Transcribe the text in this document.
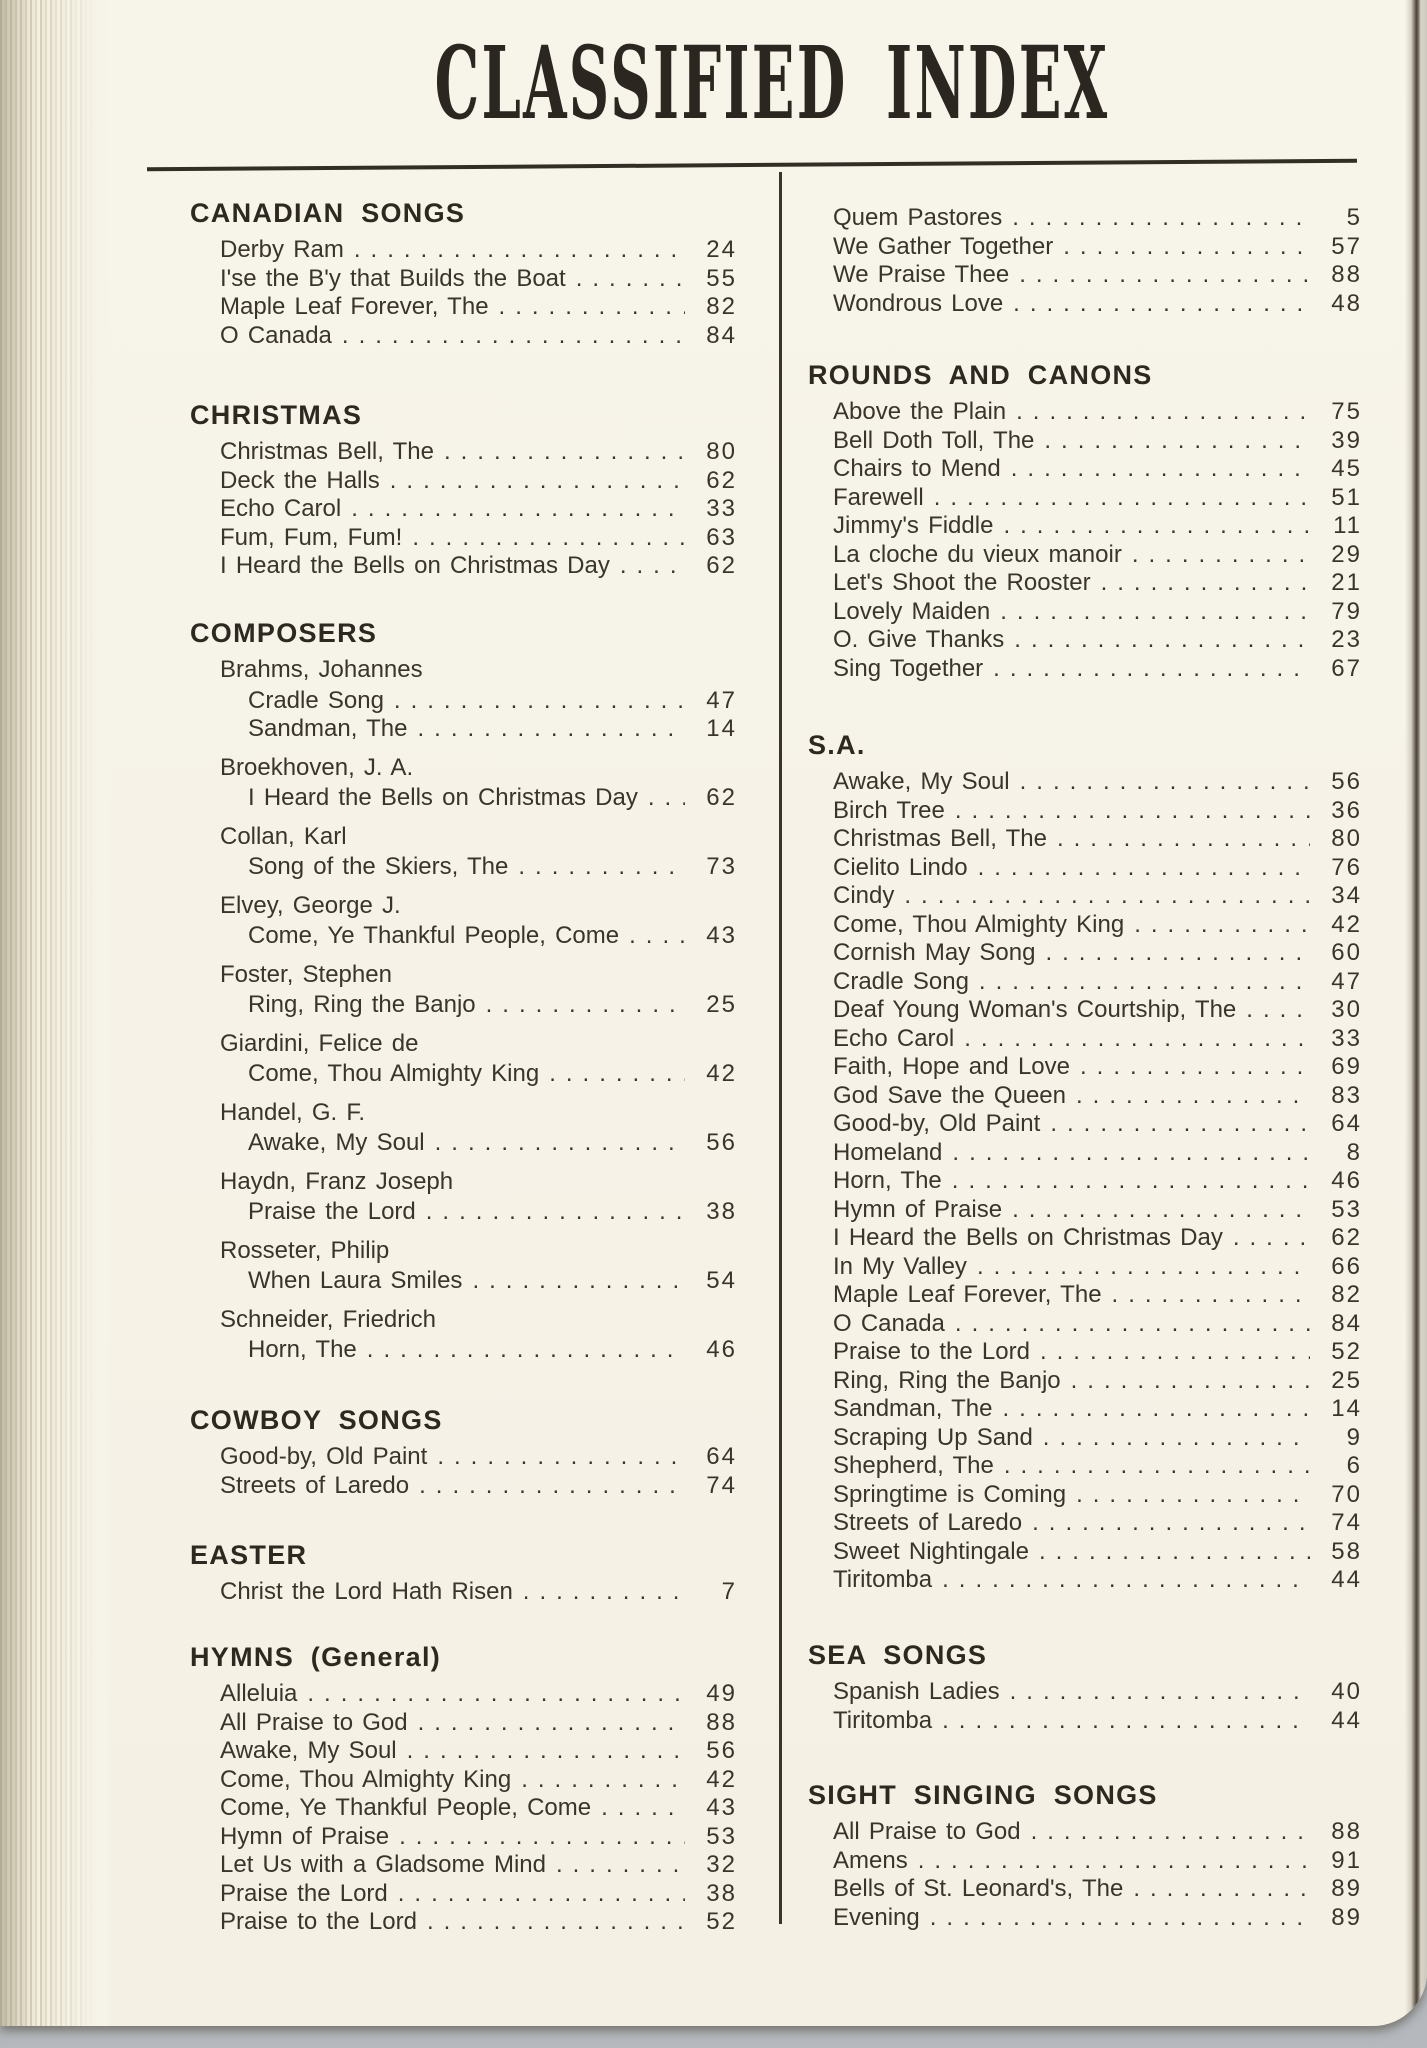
CLASSIFIED INDEX
CANADIAN SONGS
Derby Ram .....	24
I'se the B'y that Builds the Boat .....	55
Maple Leaf Forever, The .....	82
O Canada .....	84
CHRISTMAS
Christmas Bell, The .....	80
Deck the Halls .....	62
Echo Carol .....	33
Fum, Fum, Fum! .....	63
I Heard the Bells on Christmas Day .....	62
COMPOSERS
Brahms, Johannes
Cradle Song .....	47
Sandman, The .....	14
Broekhoven, J. A.
I Heard the Bells on Christmas Day .....	62
Collan, Karl
Song of the Skiers, The .....	73
Elvey, George J.
Come, Ye Thankful People, Come .....	43
Foster, Stephen
Ring, Ring the Banjo .....	25
Giardini, Felice de
Come, Thou Almighty King .....	42
Handel, G. F.
Awake, My Soul .....	56
Haydn, Franz Joseph
Praise the Lord .....	38
Rosseter, Philip
When Laura Smiles .....	54
Schneider, Friedrich
Horn, The .....	46
COWBOY SONGS
Good-by, Old Paint .....	64
Streets of Laredo .....	74
EASTER
Christ the Lord Hath Risen .....	7
HYMNS (General)
Alleluia .....	49
All Praise to God .....	88
Awake, My Soul .....	56
Come, Thou Almighty King .....	42
Come, Ye Thankful People, Come .....	43
Hymn of Praise .....	53
Let Us with a Gladsome Mind .....	32
Praise the Lord .....	38
Praise to the Lord .....	52
Quem Pastores .....	5
We Gather Together .....	57
We Praise Thee .....	88
Wondrous Love .....	48
ROUNDS AND CANONS
Above the Plain .....	75
Bell Doth Toll, The .....	39
Chairs to Mend .....	45
Farewell .....	51
Jimmy's Fiddle .....	11
La cloche du vieux manoir .....	29
Let's Shoot the Rooster .....	21
Lovely Maiden .....	79
O. Give Thanks .....	23
Sing Together .....	67
S.A.
Awake, My Soul .....	56
Birch Tree .....	36
Christmas Bell, The .....	80
Cielito Lindo .....	76
Cindy .....	34
Come, Thou Almighty King .....	42
Cornish May Song .....	60
Cradle Song .....	47
Deaf Young Woman's Courtship, The .....	30
Echo Carol .....	33
Faith, Hope and Love .....	69
God Save the Queen .....	83
Good-by, Old Paint .....	64
Homeland .....	8
Horn, The .....	46
Hymn of Praise .....	53
I Heard the Bells on Christmas Day .....	62
In My Valley .....	66
Maple Leaf Forever, The .....	82
O Canada .....	84
Praise to the Lord .....	52
Ring, Ring the Banjo .....	25
Sandman, The .....	14
Scraping Up Sand .....	9
Shepherd, The .....	6
Springtime is Coming .....	70
Streets of Laredo .....	74
Sweet Nightingale .....	58
Tiritomba .....	44
SEA SONGS
Spanish Ladies .....	40
Tiritomba .....	44
SIGHT SINGING SONGS
All Praise to God .....	88
Amens .....	91
Bells of St. Leonard's, The .....	89
Evening .....	89
